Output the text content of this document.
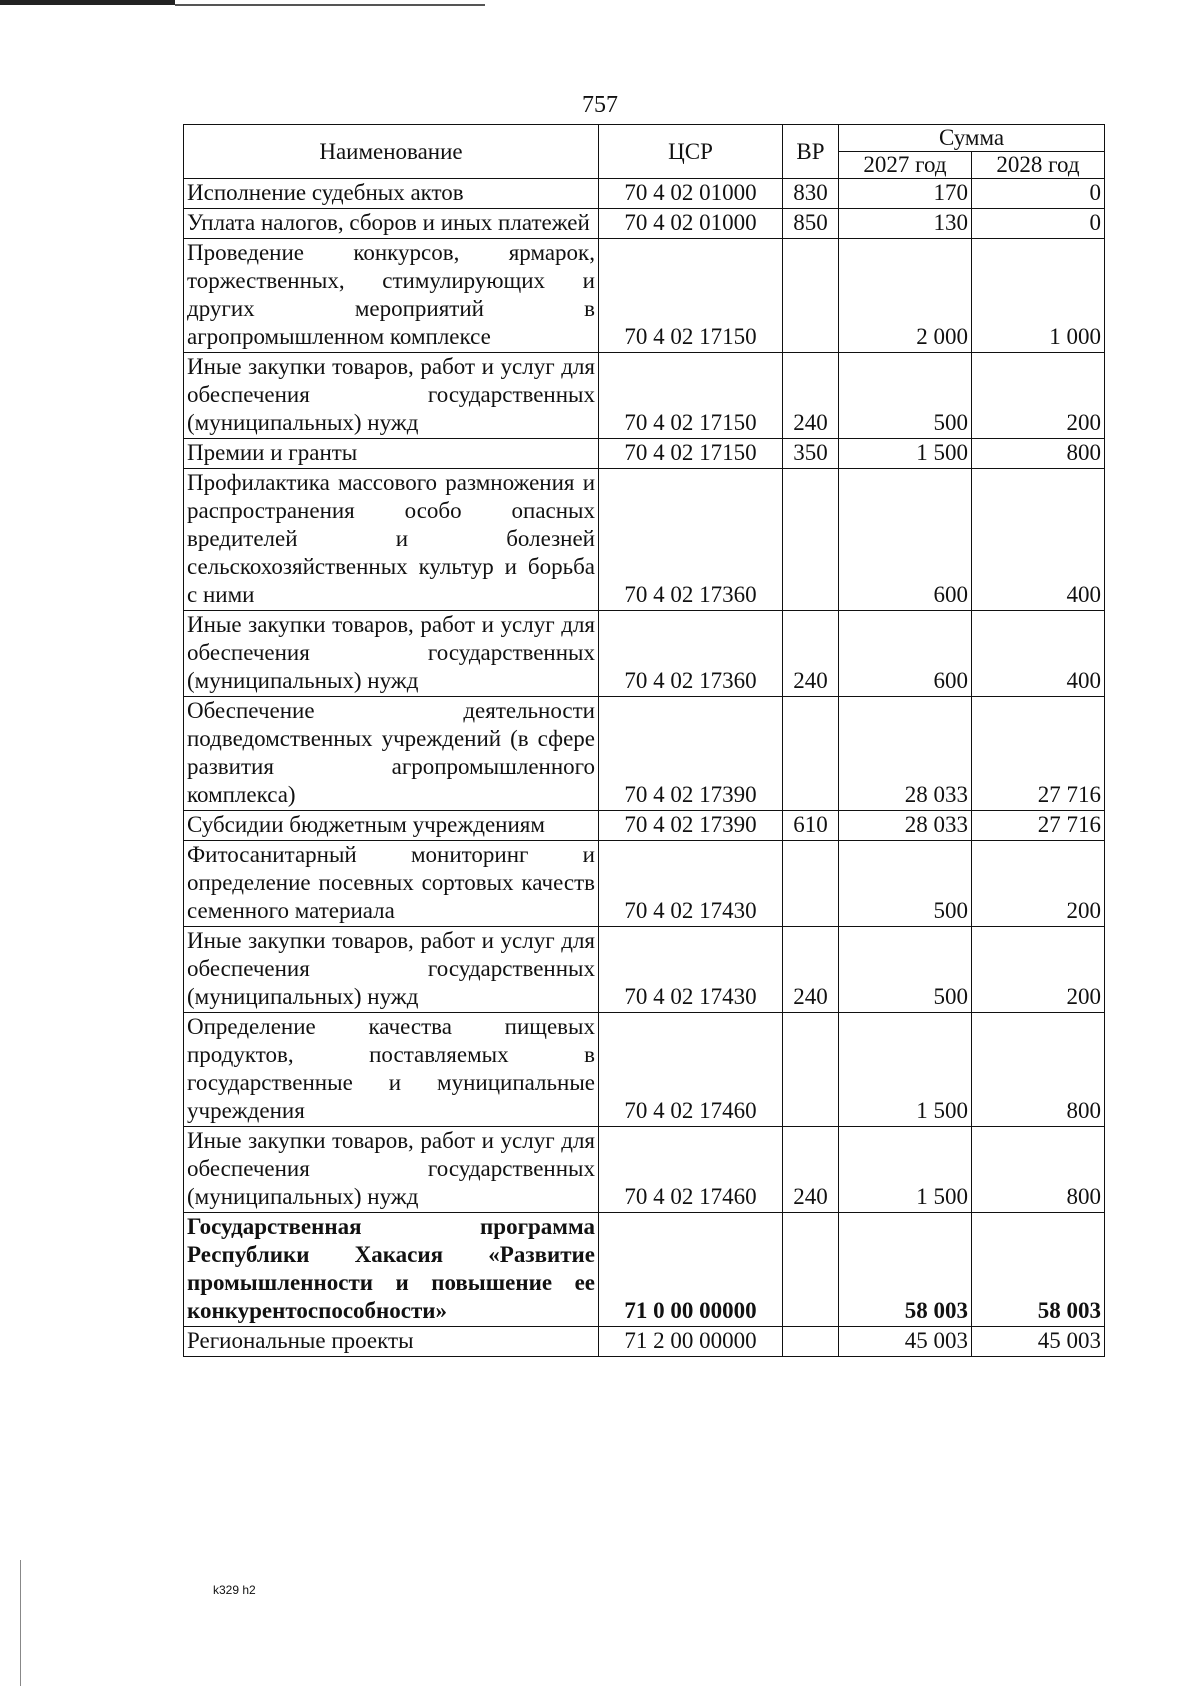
757
Наименование	ЦСР	ВР	Сумма	
			2027 год	2028 год
Исполнение судебных актов	70 4 02 01000	830	170	0
Уплата налогов, сборов и иных платежей	70 4 02 01000	850	130	0
Проведение конкурсов, ярмарок, торжественных, стимулирующих и других мероприятий в агропромышленном комплексе	70 4 02 17150		2 000	1 000
Иные закупки товаров, работ и услуг для обеспечения государственных (муниципальных) нужд	70 4 02 17150	240	500	200
Премии и гранты	70 4 02 17150	350	1 500	800
Профилактика массового размножения и распространения особо опасных вредителей и болезней сельскохозяйственных культур и борьба с ними	70 4 02 17360		600	400
Иные закупки товаров, работ и услуг для обеспечения государственных (муниципальных) нужд	70 4 02 17360	240	600	400
Обеспечение деятельности подведомственных учреждений (в сфере развития агропромышленного комплекса)	70 4 02 17390		28 033	27 716
Субсидии бюджетным учреждениям	70 4 02 17390	610	28 033	27 716
Фитосанитарный мониторинг и определение посевных сортовых качеств семенного материала	70 4 02 17430		500	200
Иные закупки товаров, работ и услуг для обеспечения государственных (муниципальных) нужд	70 4 02 17430	240	500	200
Определение качества пищевых продуктов, поставляемых в государственные и муниципальные учреждения	70 4 02 17460		1 500	800
Иные закупки товаров, работ и услуг для обеспечения государственных (муниципальных) нужд	70 4 02 17460	240	1 500	800
Государственная программа Республики Хакасия «Развитие промышленности и повышение ее конкурентоспособности»	71 0 00 00000		58 003	58 003
Региональные проекты	71 2 00 00000		45 003	45 003
k329 h2
